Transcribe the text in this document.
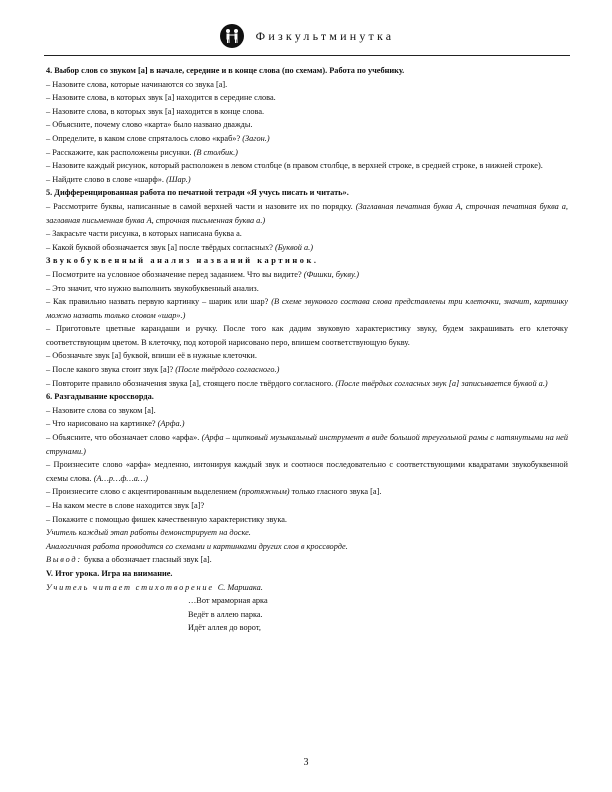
Физкультминутка

4. Выбор слов со звуком [а] в начале, середине и в конце слова (по схемам). Работа по учебнику.

– Назовите слова, которые начинаются со звука [а].

– Назовите слова, в которых звук [а] находится в середине слова.

– Назовите слова, в которых звук [а] находится в конце слова.

– Объясните, почему слово «карта» было названо дважды.

– Определите, в каком слове спряталось слово «краб»? (Загон.)

– Расскажите, как расположены рисунки. (В столбик.)

– Назовите каждый рисунок, который расположен в левом столбце (в правом столбце, в верхней строке, в средней строке, в нижней строке).

– Найдите слово в слове «шарф». (Шар.)

5. Дифференцированная работа по печатной тетради «Я учусь писать и читать».

– Рассмотрите буквы, написанные в самой верхней части и назовите их по порядку. (Заглавная печатная буква А, строчная печатная буква а, заглавная письменная буква А, строчная письменная буква а.)

– Закрасьте части рисунка, в которых написана буква а.

– Какой буквой обозначается звук [а] после твёрдых согласных? (Буквой а.)

Звукобуквенный анализ названий картинок.

– Посмотрите на условное обозначение перед заданием. Что вы видите? (Фишки, букву.)

– Это значит, что нужно выполнить звукобуквенный анализ.

– Как правильно назвать первую картинку – шарик или шар? (В схеме звукового состава слова представлены три клеточки, значит, картинку можно назвать только словом «шар».)

– Приготовьте цветные карандаши и ручку. После того как дадим звуковую характеристику звуку, будем закрашивать его клеточку соответствующим цветом. В клеточку, под которой нарисовано перо, впишем соответствующую букву.

– Обозначьте звук [а] буквой, впиши её в нужные клеточки.

– После какого звука стоит звук [а]? (После твёрдого согласного.)

– Повторите правило обозначения звука [а], стоящего после твёрдого согласного. (После твёрдых согласных звук [а] записывается буквой а.)

6. Разгадывание кроссворда.

– Назовите слова со звуком [а].

– Что нарисовано на картинке? (Арфа.)

– Объясните, что обозначает слово «арфа». (Арфа – щипковый музыкальный инструмент в виде большой треугольной рамы с натянутыми на ней струнами.)

– Произнесите слово «арфа» медленно, интонируя каждый звук и соотнося последовательно с соответствующими квадратами звукобуквенной схемы слова. (А…р…ф…а…)

– Произнесите слово с акцентированным выделением (протяжным) только гласного звука [а].

– На каком месте в слове находится звук [а]?

– Покажите с помощью фишек качественную характеристику звука.

Учитель каждый этап работы демонстрирует на доске.

Аналогичная работа проводится со схемами и картинками других слов в кроссворде.

Вывод: буква а обозначает гласный звук [а].

V. Итог урока. Игра на внимание.

Учитель читает стихотворение С. Маршака.

…Вот мраморная арка

Ведёт в аллею парка.

Идёт аллея до ворот,

3
